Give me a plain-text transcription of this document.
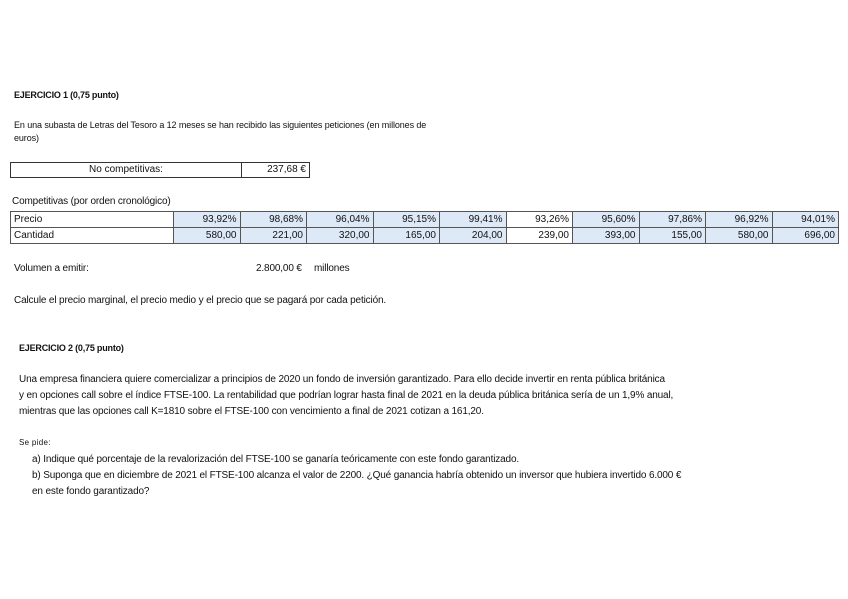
EJERCICIO 1 (0,75 punto)
En una subasta de Letras del Tesoro a 12 meses se han recibido las siguientes peticiones (en millones de
euros)
No competitivas:	237,68 €
Competitivas (por orden cronológico)
Precio	93,92%	98,68%	96,04%	95,15%	99,41%	93,26%	95,60%	97,86%	96,92%	94,01%
Cantidad	580,00	221,00	320,00	165,00	204,00	239,00	393,00	155,00	580,00	696,00
Volumen a emitir:	2.800,00 € millones
Calcule el precio marginal, el precio medio y el precio que se pagará por cada petición.
EJERCICIO 2 (0,75 punto)
Una empresa financiera quiere comercializar a principios de 2020 un fondo de inversión garantizado. Para ello decide invertir en renta pública británica
y en opciones call sobre el índice FTSE-100. La rentabilidad que podrían lograr hasta final de 2021 en la deuda pública británica sería de un 1,9% anual,
mientras que las opciones call K=1810 sobre el FTSE-100 con vencimiento a final de 2021 cotizan a 161,20.
Se pide:
a) Indique qué porcentaje de la revalorización del FTSE-100 se ganaría teóricamente con este fondo garantizado.
b) Suponga que en diciembre de 2021 el FTSE-100 alcanza el valor de 2200. ¿Qué ganancia habría obtenido un inversor que hubiera invertido 6.000 €
en este fondo garantizado?
